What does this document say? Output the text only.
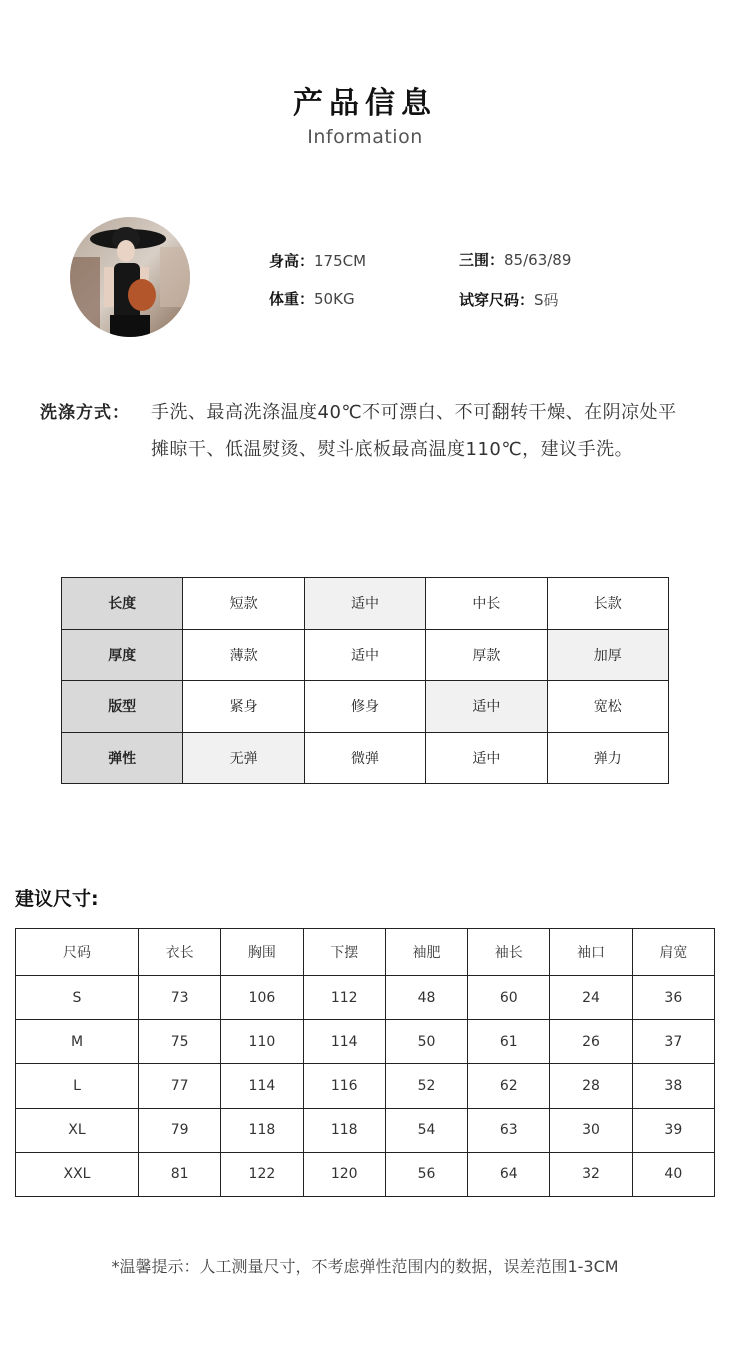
产品信息
Information
身高：175CM	三围：85/63/89
体重：50KG	试穿尺码：S码
洗涤方式： 手洗、最高洗涤温度40℃不可漂白、不可翻转干燥、在阴凉处平摊晾干、低温熨烫、熨斗底板最高温度110℃，建议手洗。
长度	短款	适中	中长	长款
厚度	薄款	适中	厚款	加厚
版型	紧身	修身	适中	宽松
弹性	无弹	微弹	适中	弹力
建议尺寸:
尺码	衣长	胸围	下摆	袖肥	袖长	袖口	肩宽
S	73	106	112	48	60	24	36
M	75	110	114	50	61	26	37
L	77	114	116	52	62	28	38
XL	79	118	118	54	63	30	39
XXL	81	122	120	56	64	32	40
*温馨提示：人工测量尺寸，不考虑弹性范围内的数据，误差范围1-3CM
